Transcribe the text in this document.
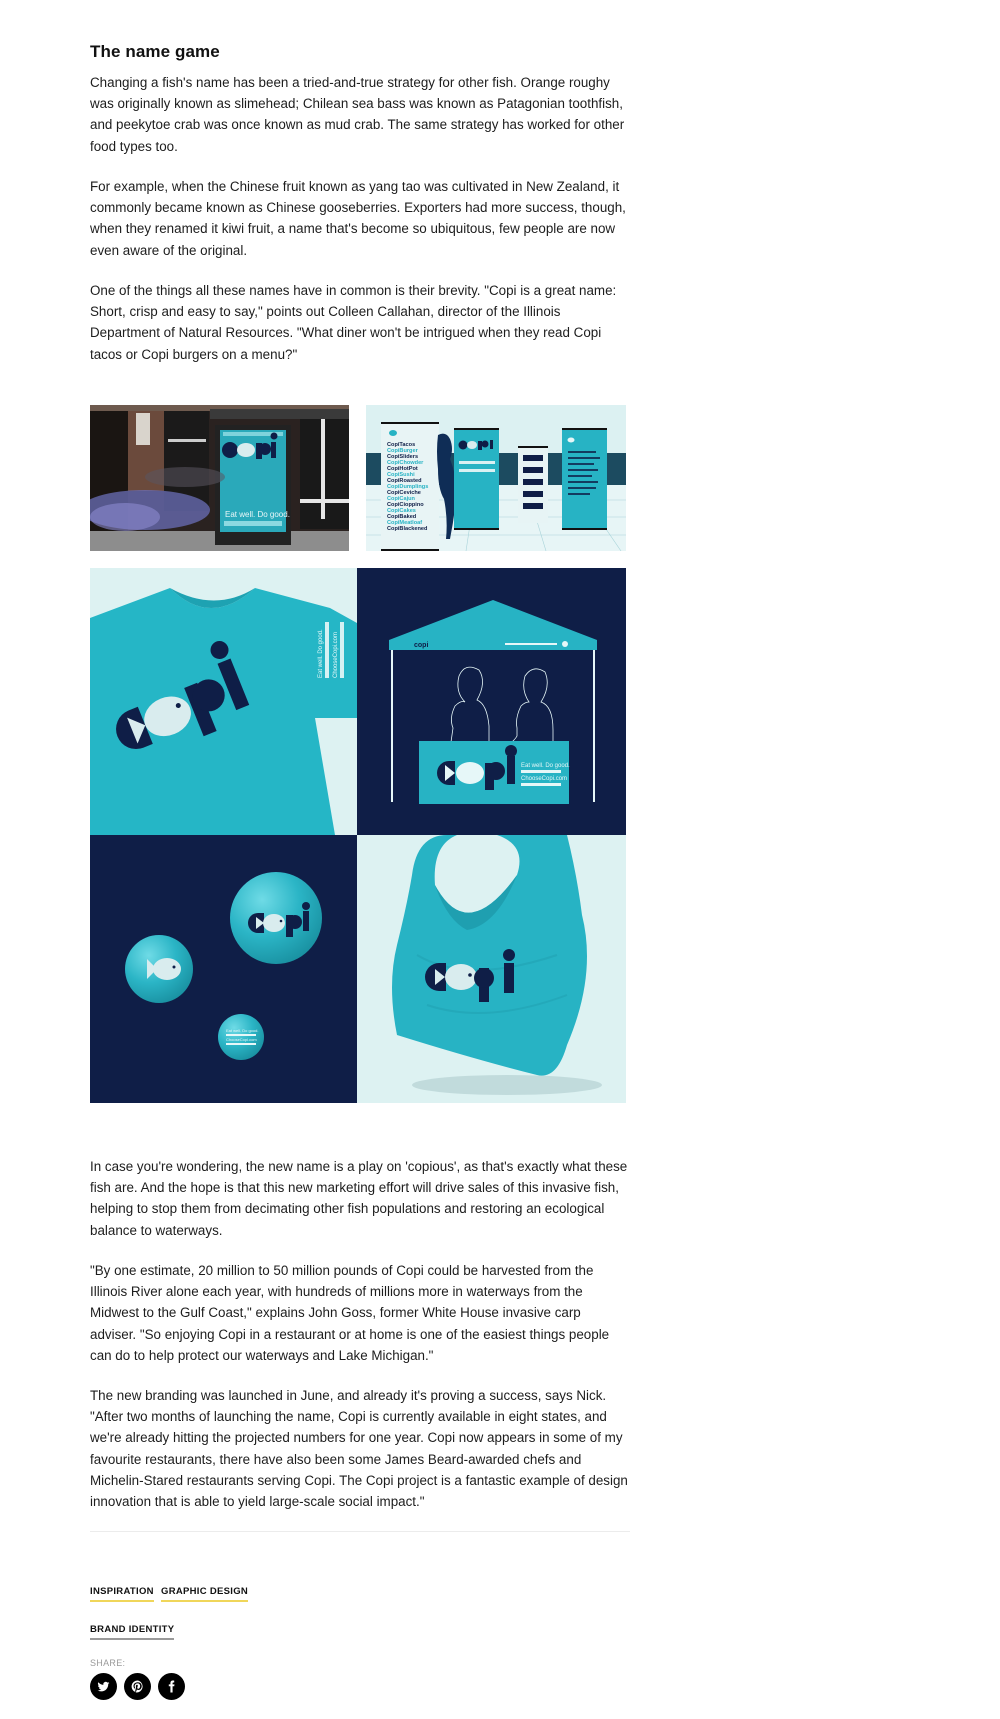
The name game

Changing a fish's name has been a tried-and-true strategy for other fish. Orange roughy was originally known as slimehead; Chilean sea bass was known as Patagonian toothfish, and peekytoe crab was once known as mud crab. The same strategy has worked for other food types too.

For example, when the Chinese fruit known as yang tao was cultivated in New Zealand, it commonly became known as Chinese gooseberries. Exporters had more success, though, when they renamed it kiwi fruit, a name that's become so ubiquitous, few people are now even aware of the original.

One of the things all these names have in common is their brevity. "Copi is a great name: Short, crisp and easy to say," points out Colleen Callahan, director of the Illinois Department of Natural Resources. "What diner won't be intrigued when they read Copi tacos or Copi burgers on a menu?"

Eat well. Do good.
CopiTacos
CopiBurger
CopiSliders
CopiChowder
CopiHotPot
CopiSushi
CopiRoasted
CopiDumplings
CopiCeviche
CopiCajun
CopiCioppino
CopiCakes
CopiBaked
CopiMeatloaf
CopiBlackened
Eat well. Do good. ChooseCopi.com	copi
Eat well. Do good.
ChooseCopi.com
Eat well. Do good.
ChooseCopi.com

In case you're wondering, the new name is a play on 'copious', as that's exactly what these fish are. And the hope is that this new marketing effort will drive sales of this invasive fish, helping to stop them from decimating other fish populations and restoring an ecological balance to waterways.

"By one estimate, 20 million to 50 million pounds of Copi could be harvested from the Illinois River alone each year, with hundreds of millions more in waterways from the Midwest to the Gulf Coast," explains John Goss, former White House invasive carp adviser. "So enjoying Copi in a restaurant or at home is one of the easiest things people can do to help protect our waterways and Lake Michigan."

The new branding was launched in June, and already it's proving a success, says Nick. "After two months of launching the name, Copi is currently available in eight states, and we're already hitting the projected numbers for one year. Copi now appears in some of my favourite restaurants, there have also been some James Beard-awarded chefs and Michelin-Stared restaurants serving Copi. The Copi project is a fantastic example of design innovation that is able to yield large-scale social impact."

INSPIRATION GRAPHIC DESIGN
BRAND IDENTITY
SHARE:
